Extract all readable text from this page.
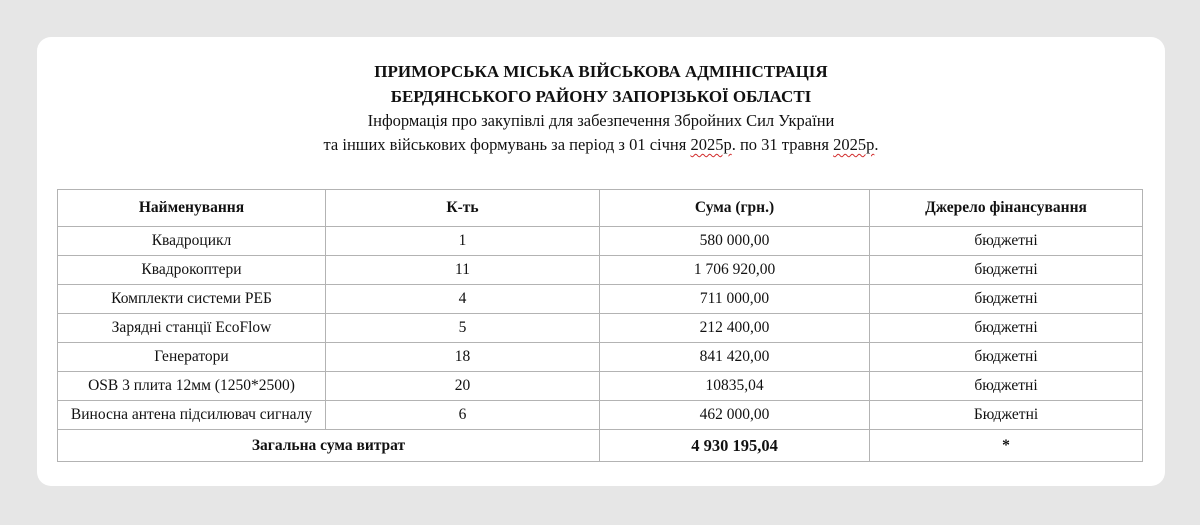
ПРИМОРСЬКА МІСЬКА ВІЙСЬКОВА АДМІНІСТРАЦІЯ
БЕРДЯНСЬКОГО РАЙОНУ ЗАПОРІЗЬКОЇ ОБЛАСТІ
Інформація про закупівлі для забезпечення Збройних Сил України
та інших військових формувань за період з 01 січня 2025р. по 31 травня 2025р.
Найменування	К-ть	Сума (грн.)	Джерело фінансування
Квадроцикл	1	580 000,00	бюджетні
Квадрокоптери	11	1 706 920,00	бюджетні
Комплекти системи РЕБ	4	711 000,00	бюджетні
Зарядні станції EcoFlow	5	212 400,00	бюджетні
Генератори	18	841 420,00	бюджетні
OSB 3 плита 12мм (1250*2500)	20	10835,04	бюджетні
Виносна антена підсилювач сигналу	6	462 000,00	Бюджетні
Загальна сума витрат		4 930 195,04	*
